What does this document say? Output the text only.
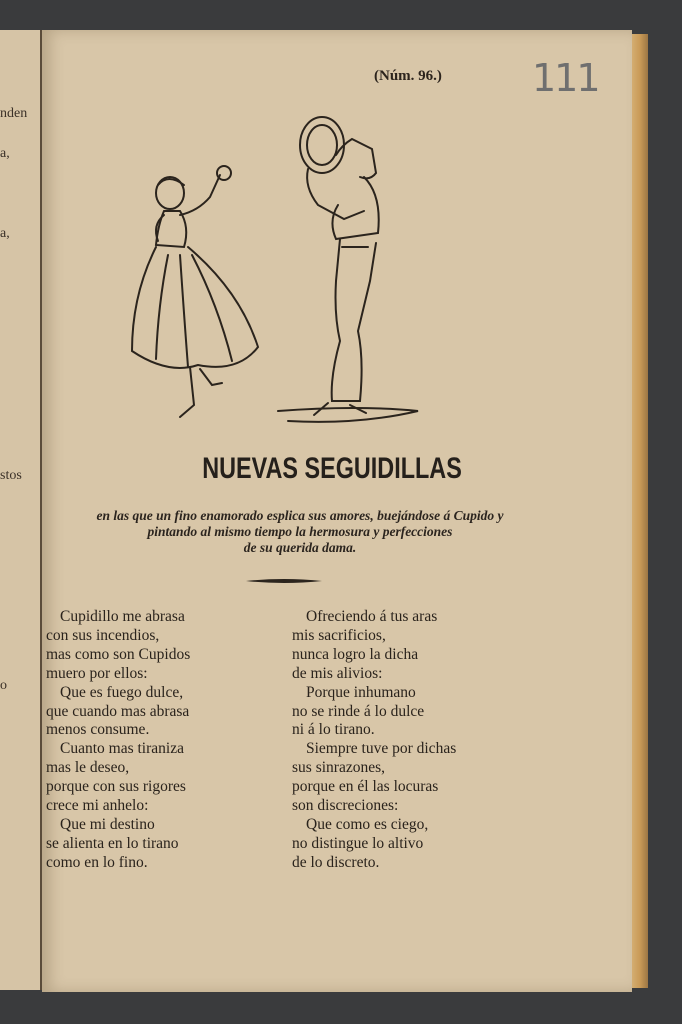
nden
a,
a,
stos
o
(Núm. 96.) 111
NUEVAS SEGUIDILLAS
en las que un fino enamorado esplica sus amores, buejándose á Cupido y
pintando al mismo tiempo la hermosura y perfecciones
de su querida dama.
Cupidillo me abrasa
con sus incendios,
mas como son Cupidos
muero por ellos:
Que es fuego dulce,
que cuando mas abrasa
menos consume.
Cuanto mas tiraniza
mas le deseo,
porque con sus rigores
crece mi anhelo:
Que mi destino
se alienta en lo tirano
como en lo fino.
Ofreciendo á tus aras
mis sacrificios,
nunca logro la dicha
de mis alivios:
Porque inhumano
no se rinde á lo dulce
ni á lo tirano.
Siempre tuve por dichas
sus sinrazones,
porque en él las locuras
son discreciones:
Que como es ciego,
no distingue lo altivo
de lo discreto.
